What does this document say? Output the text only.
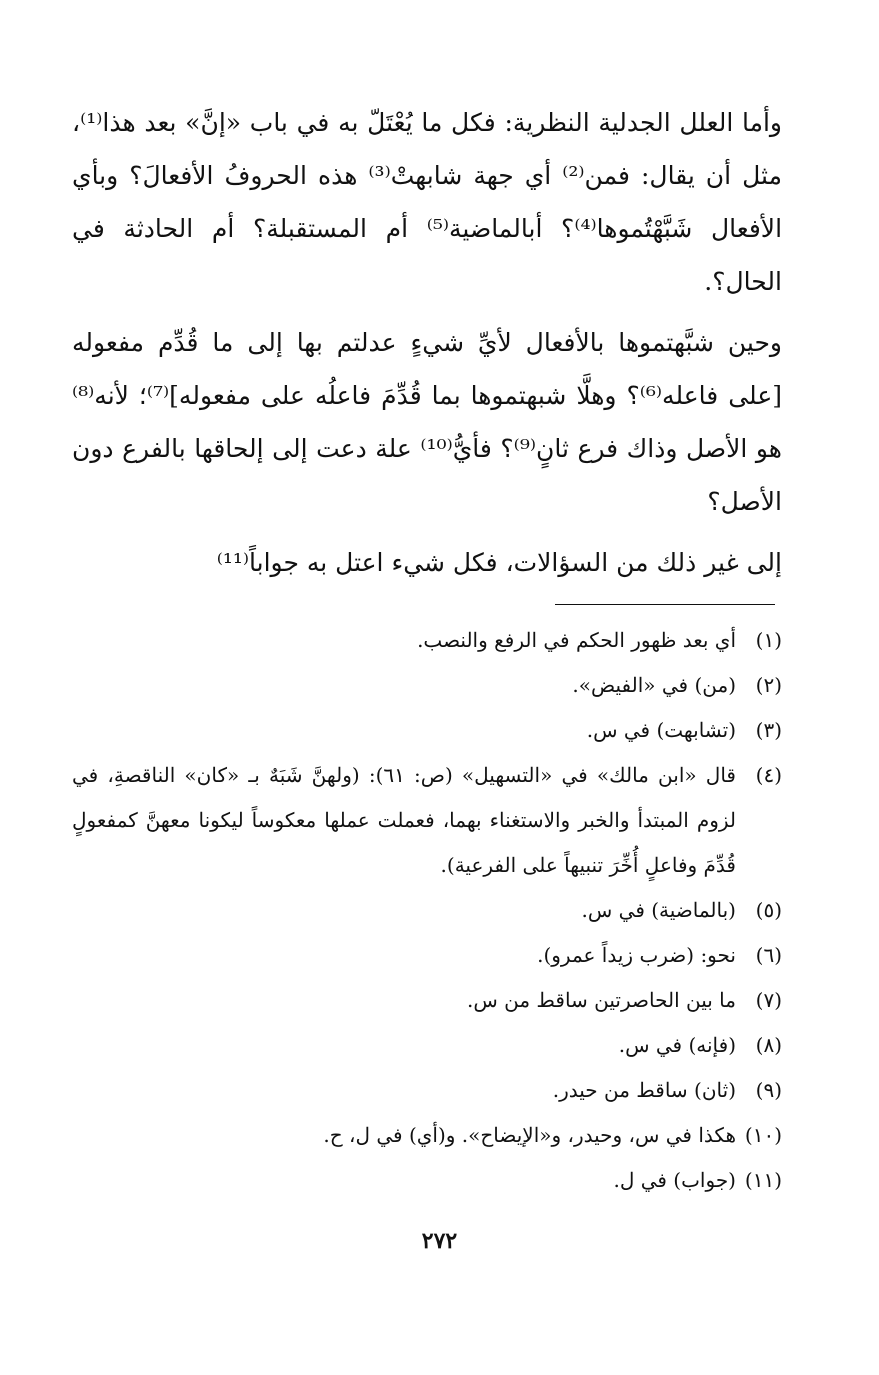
وأما العلل الجدلية النظرية: فكل ما يُعْتَلّ به في باب «إنَّ» بعد هذا⁽¹⁾، مثل أن يقال: فمن⁽²⁾ أي جهة شابهتْ⁽³⁾ هذه الحروفُ الأفعالَ؟ وبأي الأفعال شَبَّهْتُموها⁽⁴⁾؟ أبالماضية⁽⁵⁾ أم المستقبلة؟ أم الحادثة في الحال؟.

وحين شبَّهتموها بالأفعال لأيِّ شيءٍ عدلتم بها إلى ما قُدِّم مفعوله [على فاعله⁽⁶⁾؟ وهلَّا شبهتموها بما قُدِّمَ فاعلُه على مفعوله]⁽⁷⁾؛ لأنه⁽⁸⁾ هو الأصل وذاك فرع ثانٍ⁽⁹⁾؟ فأيُّ⁽¹⁰⁾ علة دعت إلى إلحاقها بالفرع دون الأصل؟

إلى غير ذلك من السؤالات، فكل شيء اعتل به جواباً⁽¹¹⁾

(١)
أي بعد ظهور الحكم في الرفع والنصب.
(٢)
(من) في «الفيض».
(٣)
(تشابهت) في س.
(٤)
قال «ابن مالك» في «التسهيل» (ص: ٦١): (ولهنَّ شَبَهٌ بـ «كان» الناقصةِ، في لزوم المبتدأ والخبر والاستغناء بهما، فعملت عملها معكوساً ليكونا معهنَّ كمفعولٍ قُدِّمَ وفاعلٍ أُخِّرَ تنبيهاً على الفرعية).
(٥)
(بالماضية) في س.
(٦)
نحو: (ضرب زيداً عمرو).
(٧)
ما بين الحاصرتين ساقط من س.
(٨)
(فإنه) في س.
(٩)
(ثان) ساقط من حيدر.
(١٠)
هكذا في س، وحيدر، و«الإيضاح». و(أي) في ل، ح.
(١١)
(جواب) في ل.
٢٧٢
